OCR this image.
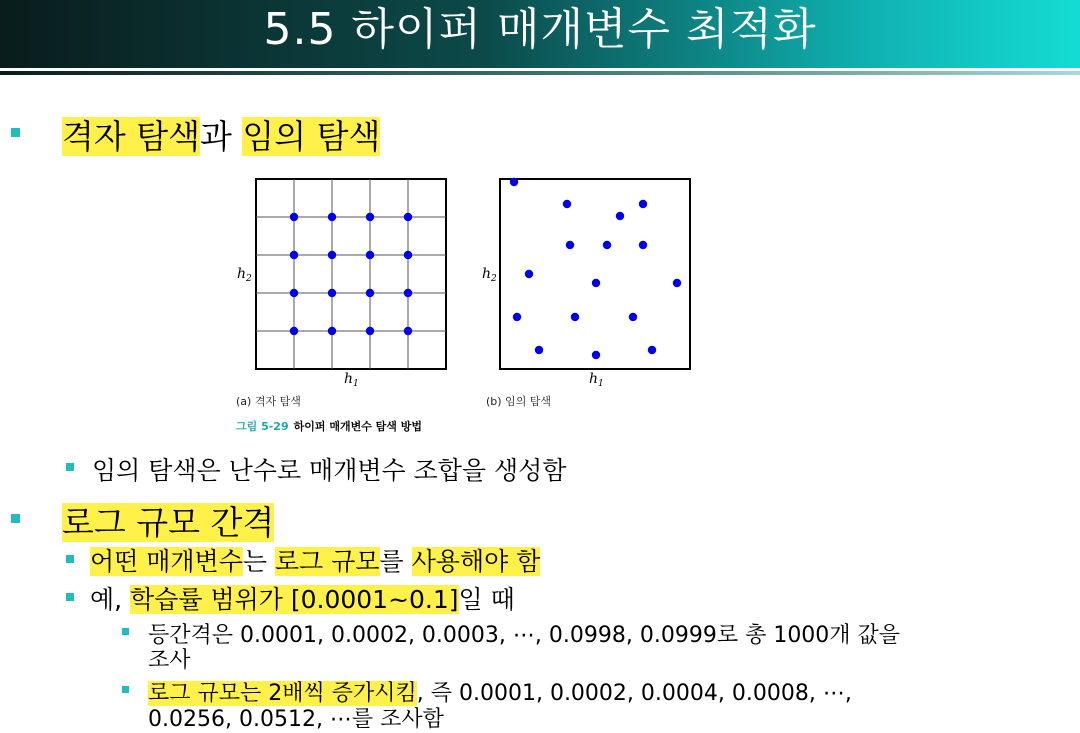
5.5 하이퍼 매개변수 최적화
격자 탐색과 임의 탐색
$h_2$
$h_1$
(a) 격자 탐색
$h_2$
$h_1$
(b) 임의 탐색
그림 5-29 하이퍼 매개변수 탐색 방법
임의 탐색은 난수로 매개변수 조합을 생성함
로그 규모 간격
어떤 매개변수는 로그 규모를 사용해야 함
예, 학습률 범위가 [0.0001~0.1]일 때
등간격은 0.0001, 0.0002, 0.0003, ⋯, 0.0998, 0.0999로 총 1000개 값을
조사
로그 규모는 2배씩 증가시킴, 즉 0.0001, 0.0002, 0.0004, 0.0008, ⋯,
0.0256, 0.0512, ⋯를 조사함
